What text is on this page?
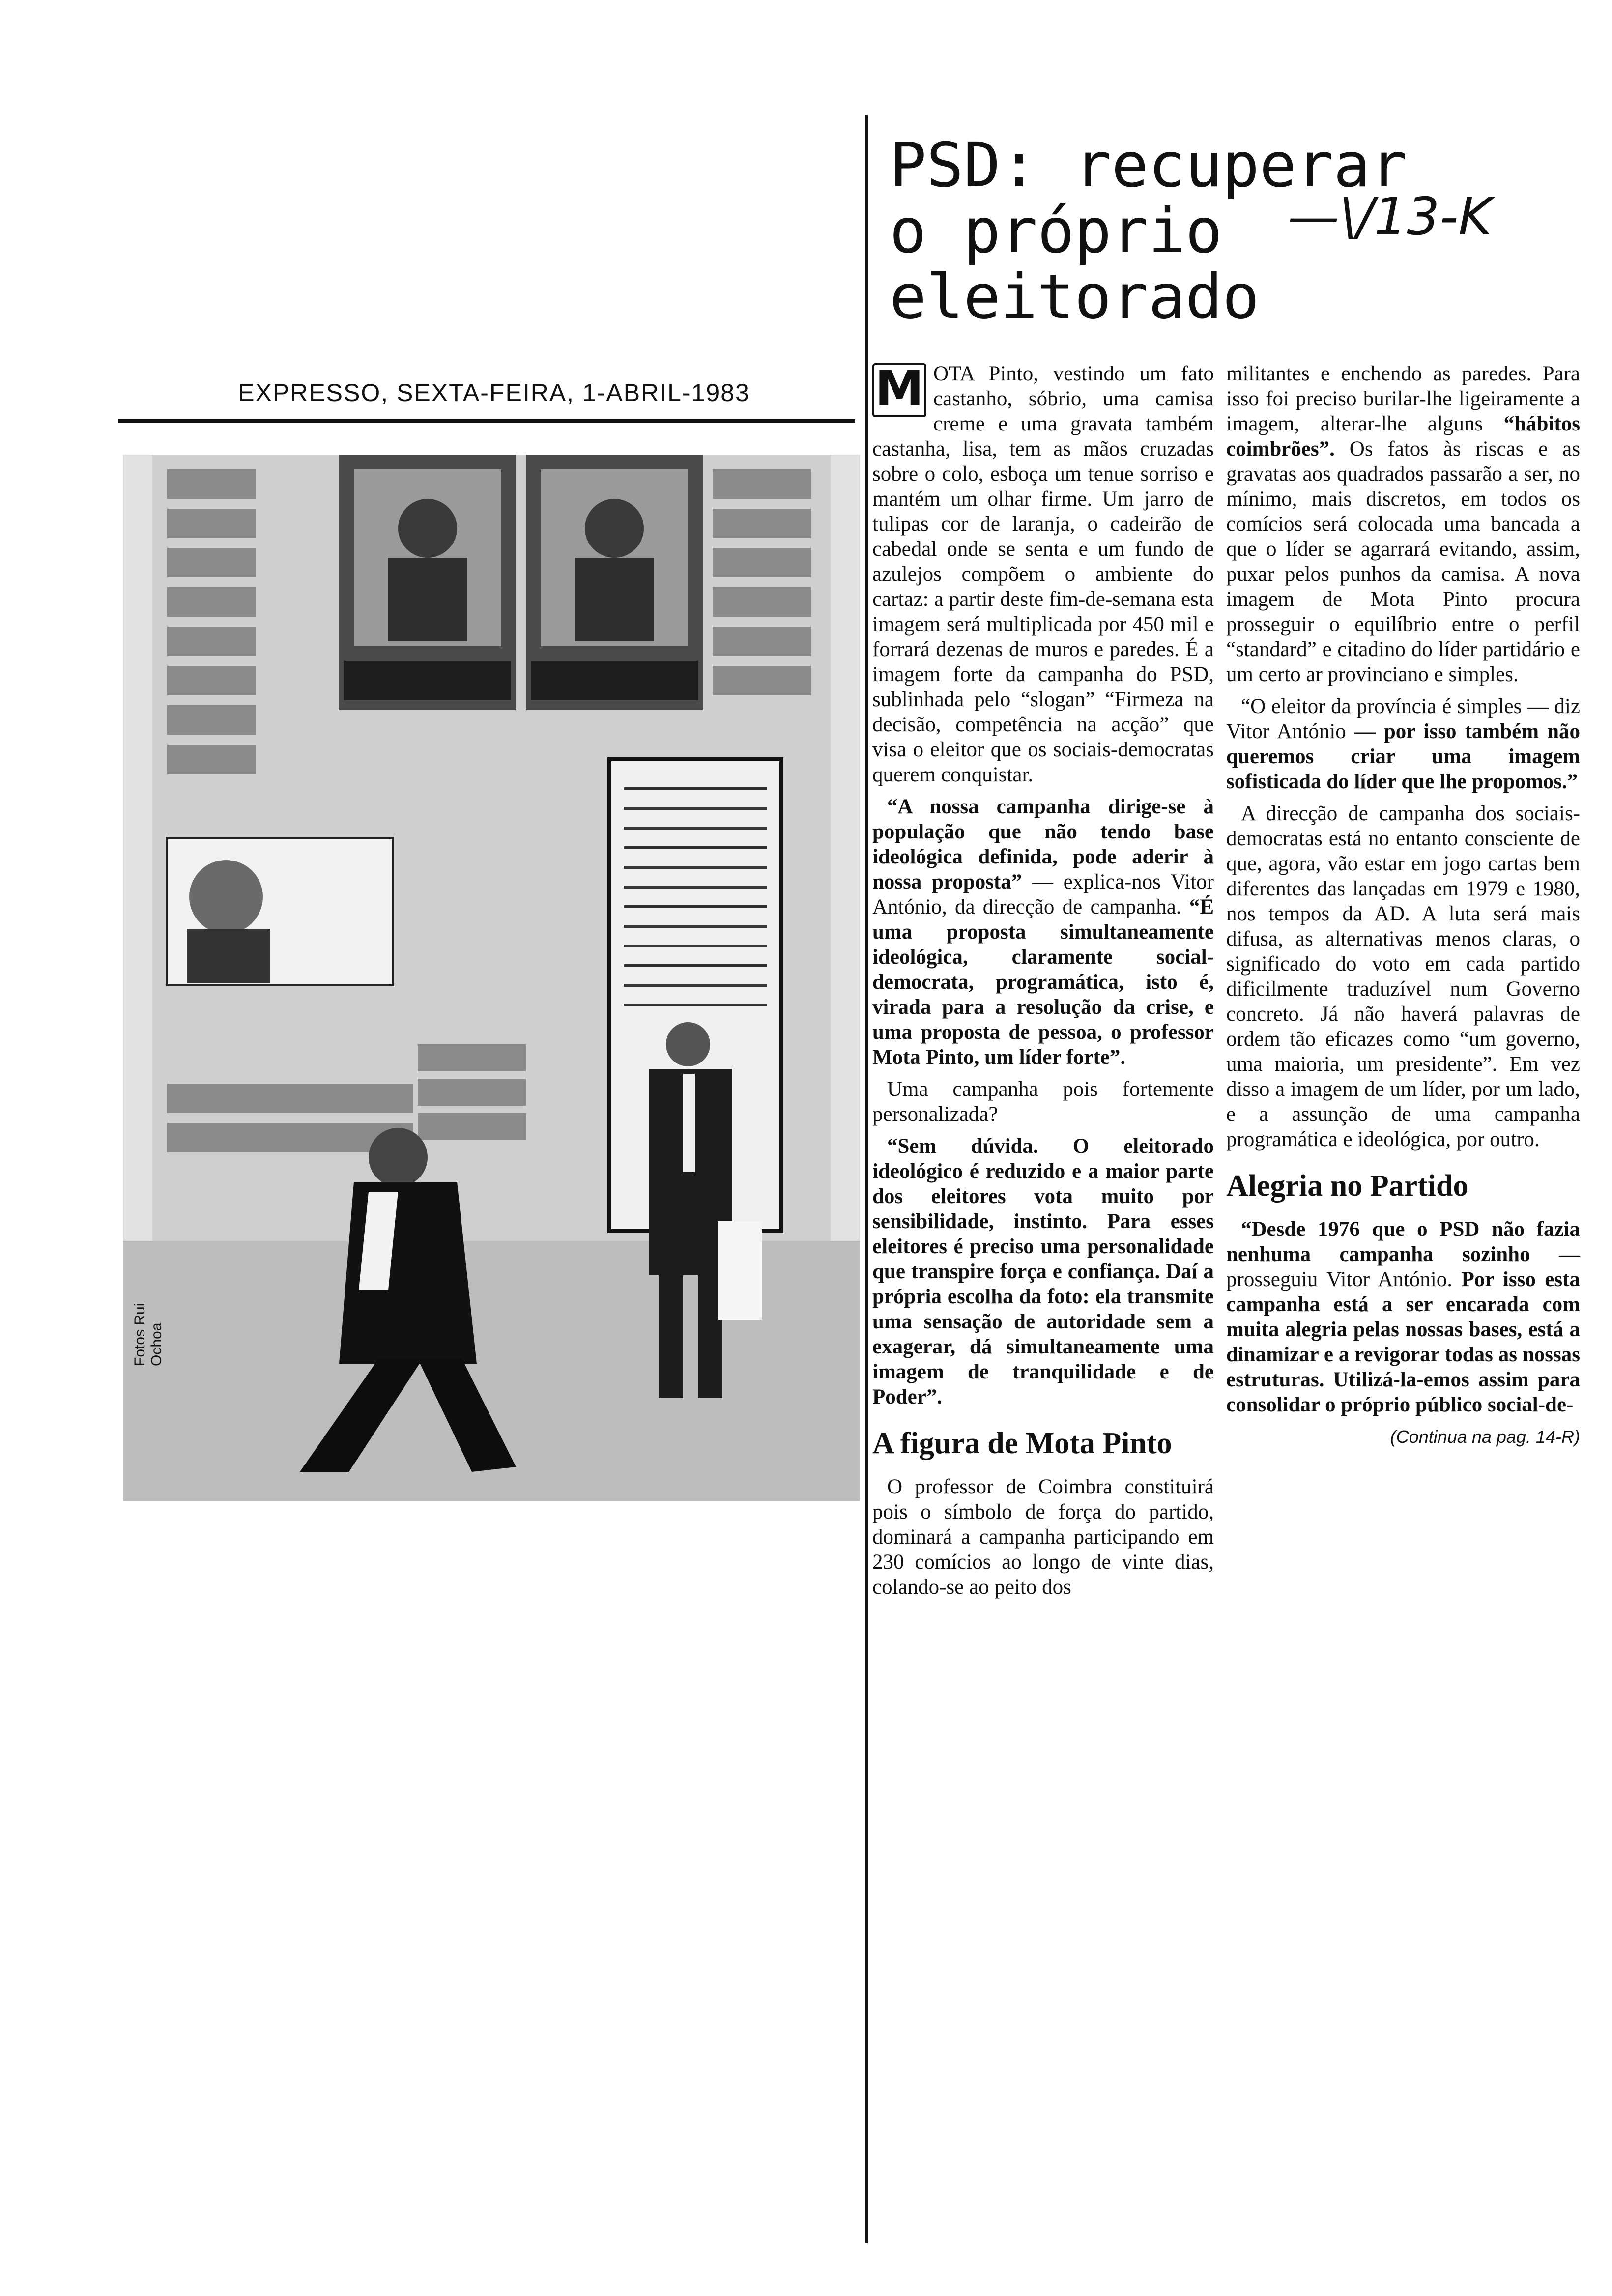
EXPRESSO, SEXTA-FEIRA, 1-ABRIL-1983
Fotos Rui Ochoa
PSD: recuperar
o próprio
eleitorado
—\/13-K

M OTA Pinto, vestindo um fato castanho, sóbrio, uma camisa creme e uma gravata também castanha, lisa, tem as mãos cruzadas sobre o colo, esboça um tenue sorriso e mantém um olhar firme. Um jarro de tulipas cor de laranja, o cadeirão de cabedal onde se senta e um fundo de azulejos compõem o ambiente do cartaz: a partir deste fim-de-semana esta imagem será multiplicada por 450 mil e forrará dezenas de muros e paredes. É a imagem forte da campanha do PSD, sublinhada pelo “slogan” “Firmeza na decisão, competência na acção” que visa o eleitor que os sociais-democratas querem conquistar.

“A nossa campanha dirige-se à população que não tendo base ideológica definida, pode aderir à nossa proposta” — explica-nos Vitor António, da direcção de campanha. “É uma proposta simultaneamente ideológica, claramente social-democrata, programática, isto é, virada para a resolução da crise, e uma proposta de pessoa, o professor Mota Pinto, um líder forte”.

Uma campanha pois fortemente personalizada?

“Sem dúvida. O eleitorado ideológico é reduzido e a maior parte dos eleitores vota muito por sensibilidade, instinto. Para esses eleitores é preciso uma personalidade que transpire força e confiança. Daí a própria escolha da foto: ela transmite uma sensação de autoridade sem a exagerar, dá simultaneamente uma imagem de tranquilidade e de Poder”.

A figura de Mota Pinto

O professor de Coimbra constituirá pois o símbolo de força do partido, dominará a campanha participando em 230 comícios ao longo de vinte dias, colando-se ao peito dos

militantes e enchendo as paredes. Para isso foi preciso burilar-lhe ligeiramente a imagem, alterar-lhe alguns “hábitos coimbrões”. Os fatos às riscas e as gravatas aos quadrados passarão a ser, no mínimo, mais discretos, em todos os comícios será colocada uma bancada a que o líder se agarrará evitando, assim, puxar pelos punhos da camisa. A nova imagem de Mota Pinto procura prosseguir o equilíbrio entre o perfil “standard” e citadino do líder partidário e um certo ar provinciano e simples.

“O eleitor da província é simples — diz Vitor António — por isso também não queremos criar uma imagem sofisticada do líder que lhe propomos.”

A direcção de campanha dos sociais-democratas está no entanto consciente de que, agora, vão estar em jogo cartas bem diferentes das lançadas em 1979 e 1980, nos tempos da AD. A luta será mais difusa, as alternativas menos claras, o significado do voto em cada partido dificilmente traduzível num Governo concreto. Já não haverá palavras de ordem tão eficazes como “um governo, uma maioria, um presidente”. Em vez disso a imagem de um líder, por um lado, e a assunção de uma campanha programática e ideológica, por outro.

Alegria no Partido

“Desde 1976 que o PSD não fazia nenhuma campanha sozinho — prosseguiu Vitor António. Por isso esta campanha está a ser encarada com muita alegria pelas nossas bases, está a dinamizar e a revigorar todas as nossas estruturas. Utilizá-la-emos assim para consolidar o próprio público social-de-

(Continua na pag. 14-R)
